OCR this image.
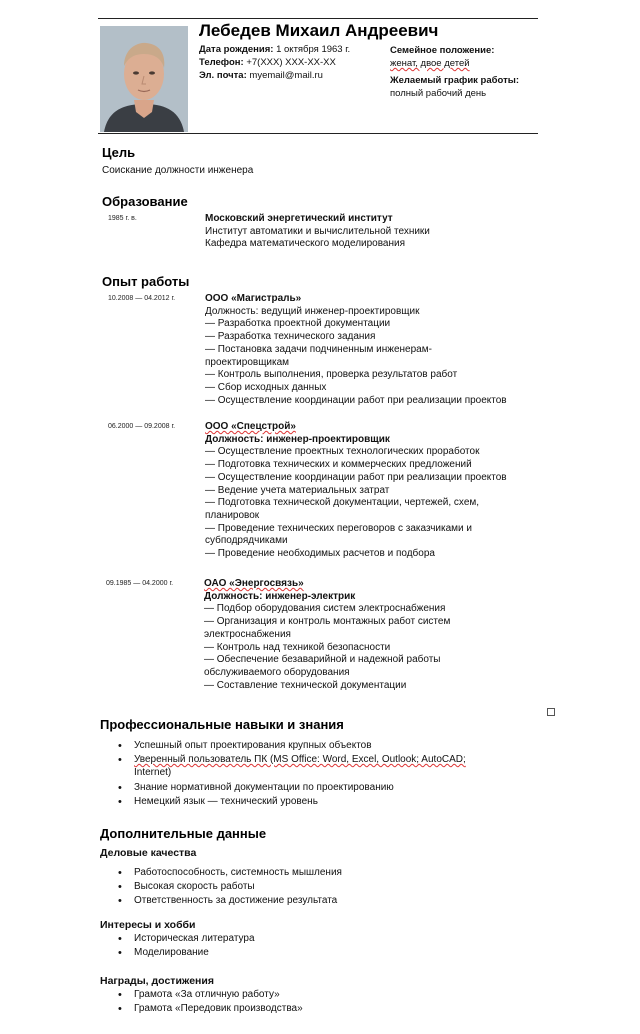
Лебедев Михаил Андреевич
Дата рождения: 1 октября 1963 г.
Телефон: +7(XXX) XXX-XX-XX
Эл. почта: myemail@mail.ru
Семейное положение:
женат, двое детей
Желаемый график работы:
полный рабочий день
Цель
Соискание должности инженера
Образование
1985 г. в.	Московский энергетический институт
Институт автоматики и вычислительной техники
Кафедра математического моделирования
Опыт работы
10.2008 — 04.2012 г.	ООО «Магистраль»
Должность: ведущий инженер-проектировщик
— Разработка проектной документации
— Разработка технического задания
— Постановка задачи подчиненным инженерам-
проектировщикам
— Контроль выполнения, проверка результатов работ
— Сбор исходных данных
— Осуществление координации работ при реализации проектов
06.2000 — 09.2008 г.	ООО «Спецстрой»
Должность: инженер-проектировщик
— Осуществление проектных технологических проработок
— Подготовка технических и коммерческих предложений
— Осуществление координации работ при реализации проектов
— Ведение учета материальных затрат
— Подготовка технической документации, чертежей, схем,
планировок
— Проведение технических переговоров с заказчиками и
субподрядчиками
— Проведение необходимых расчетов и подбора
09.1985 — 04.2000 г.	ОАО «Энергосвязь»
Должность: инженер-электрик
— Подбор оборудования систем электроснабжения
— Организация и контроль монтажных работ систем
электроснабжения
— Контроль над техникой безопасности
— Обеспечение безаварийной и надежной работы
обслуживаемого оборудования
— Составление технической документации
Профессиональные навыки и знания
• Успешный опыт проектирования крупных объектов
• Уверенный пользователь ПК (MS Office: Word, Excel, Outlook; AutoCAD;
Internet)
• Знание нормативной документации по проектированию
• Немецкий язык — технический уровень
Дополнительные данные
Деловые качества
• Работоспособность, системность мышления
• Высокая скорость работы
• Ответственность за достижение результата
Интересы и хобби
• Историческая литература
• Моделирование
Награды, достижения
• Грамота «За отличную работу»
• Грамота «Передовик производства»
